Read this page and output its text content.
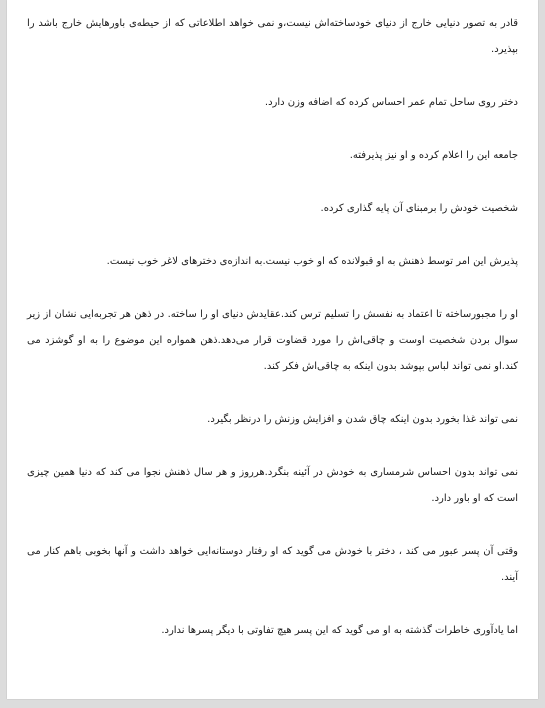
قادر به تصور دنیایی خارج از دنیای خودساخته‌اش نیست،و نمی خواهد اطلاعاتی که از حیطه‌ی باورهایش خارج باشد را بپذیرد.

دختر روی ساحل تمام عمر احساس کرده که اضافه وزن دارد.

جامعه این را اعلام کرده و او نیز پذیرفته.

شخصیت خودش را برمبنای آن پایه گذاری کرده.

پذیرش این امر توسط ذهنش به او قبولانده که او خوب نیست.به اندازه‌ی دخترهای لاغر خوب نیست.

او را مجبورساخته تا اعتماد به نفسش را تسلیم ترس کند.عقایدش دنیای او را ساخته. در ذهن هر تجربه‌ایی نشان از زیر سوال بردن شخصیت اوست و چاقی‌اش را مورد قضاوت قرار می‌دهد.ذهن همواره این موضوع را به او گوشزد می کند.او نمی تواند لباس بپوشد بدون اینکه به چاقی‌اش فکر کند.

نمی تواند غذا بخورد بدون اینکه چاق شدن و افزایش وزنش را درنظر بگیرد.

نمی تواند بدون احساس شرمساری به خودش در آئینه بنگرد.هرروز و هر سال ذهنش نجوا می کند که دنیا همین چیزی است که او باور دارد.

وقتی آن پسر عبور می کند ، دختر با خودش می گوید که او رفتار دوستانه‌ایی خواهد داشت و آنها بخوبی باهم کنار می آیند.

اما یادآوری خاطرات گذشته به او می گوید که این پسر هیچ تفاوتی با دیگر پسرها ندارد.
